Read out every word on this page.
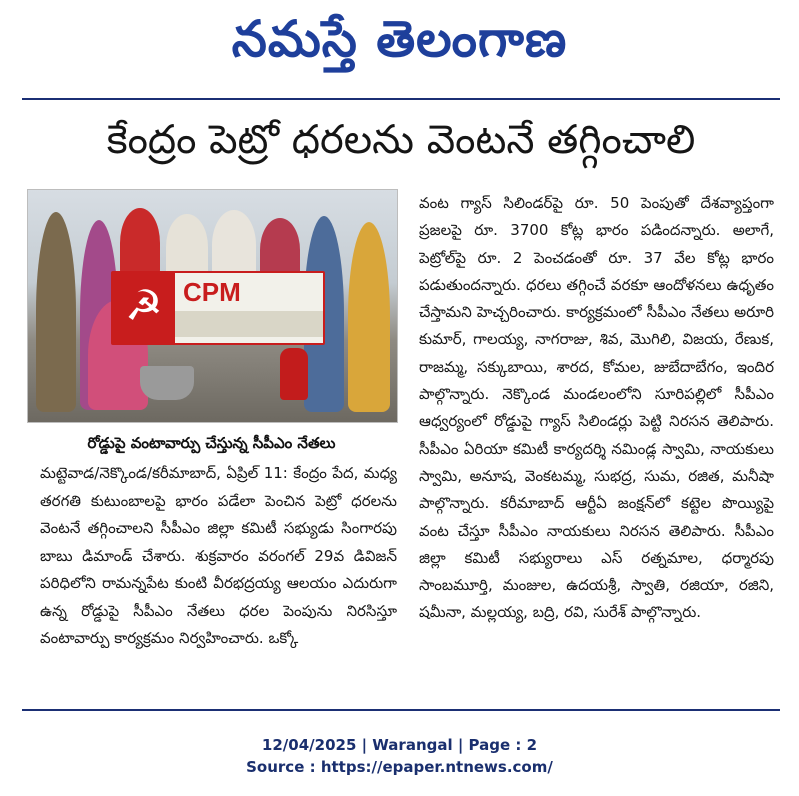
నమస్తే తెలంగాణ
కేంద్రం పెట్రో ధరలను వెంటనే తగ్గించాలి
☭ CPM
రోడ్డుపై వంటావార్పు చేస్తున్న సీపీఎం నేతలు
మట్టెవాడ/నెక్కొండ/కరీమాబాద్, ఏప్రిల్ 11: కేంద్రం పేద, మధ్య తరగతి కుటుంబాలపై భారం పడేలా పెంచిన పెట్రో ధరలను వెంటనే తగ్గించాలని సీపీఎం జిల్లా కమిటీ సభ్యుడు సింగారపు బాబు డిమాండ్ చేశారు. శుక్రవారం వరంగల్ 29వ డివిజన్ పరిధిలోని రామన్నపేట కుంటి వీరభద్రయ్య ఆలయం ఎదురుగా ఉన్న రోడ్డుపై సీపీఎం నేతలు ధరల పెంపును నిరసిస్తూ వంటావార్పు కార్యక్రమం నిర్వహించారు. ఒక్కో
వంట గ్యాస్ సిలిండర్‌పై రూ. 50 పెంపుతో దేశవ్యాప్తంగా ప్రజలపై రూ. 3700 కోట్ల భారం పడిందన్నారు. అలాగే, పెట్రోల్‌పై రూ. 2 పెంచడంతో రూ. 37 వేల కోట్ల భారం పడుతుందన్నారు. ధరలు తగ్గించే వరకూ ఆందోళనలు ఉధృతం చేస్తామని హెచ్చరించారు. కార్యక్రమంలో సీపీఎం నేతలు అరూరి కుమార్, గాలయ్య, నాగరాజు, శివ, మొగిలి, విజయ, రేణుక, రాజమ్మ, సక్కుబాయి, శారద, కోమల, జుబేదాబేగం, ఇందిర పాల్గొన్నారు. నెక్కొండ మండలంలోని సూరిపల్లిలో సీపీఎం ఆధ్వర్యంలో రోడ్డుపై గ్యాస్ సిలిండర్లు పెట్టి నిరసన తెలిపారు. సీపీఎం ఏరియా కమిటీ కార్యదర్శి నమిండ్ల స్వామి, నాయకులు స్వామి, అనూష, వెంకటమ్మ, సుభద్ర, సుమ, రజిత, మనీషా పాల్గొన్నారు. కరీమాబాద్ ఆర్టీఏ జంక్షన్‌లో కట్టెల పొయ్యిపై వంట చేస్తూ సీపీఎం నాయకులు నిరసన తెలిపారు. సీపీఎం జిల్లా కమిటీ సభ్యురాలు ఎస్ రత్నమాల, ధర్మారపు సాంబమూర్తి, మంజుల, ఉదయశ్రీ, స్వాతి, రజియా, రజిని, షమీనా, మల్లయ్య, బద్రి, రవి, సురేశ్ పాల్గొన్నారు.
12/04/2025 | Warangal | Page : 2
Source : https://epaper.ntnews.com/
